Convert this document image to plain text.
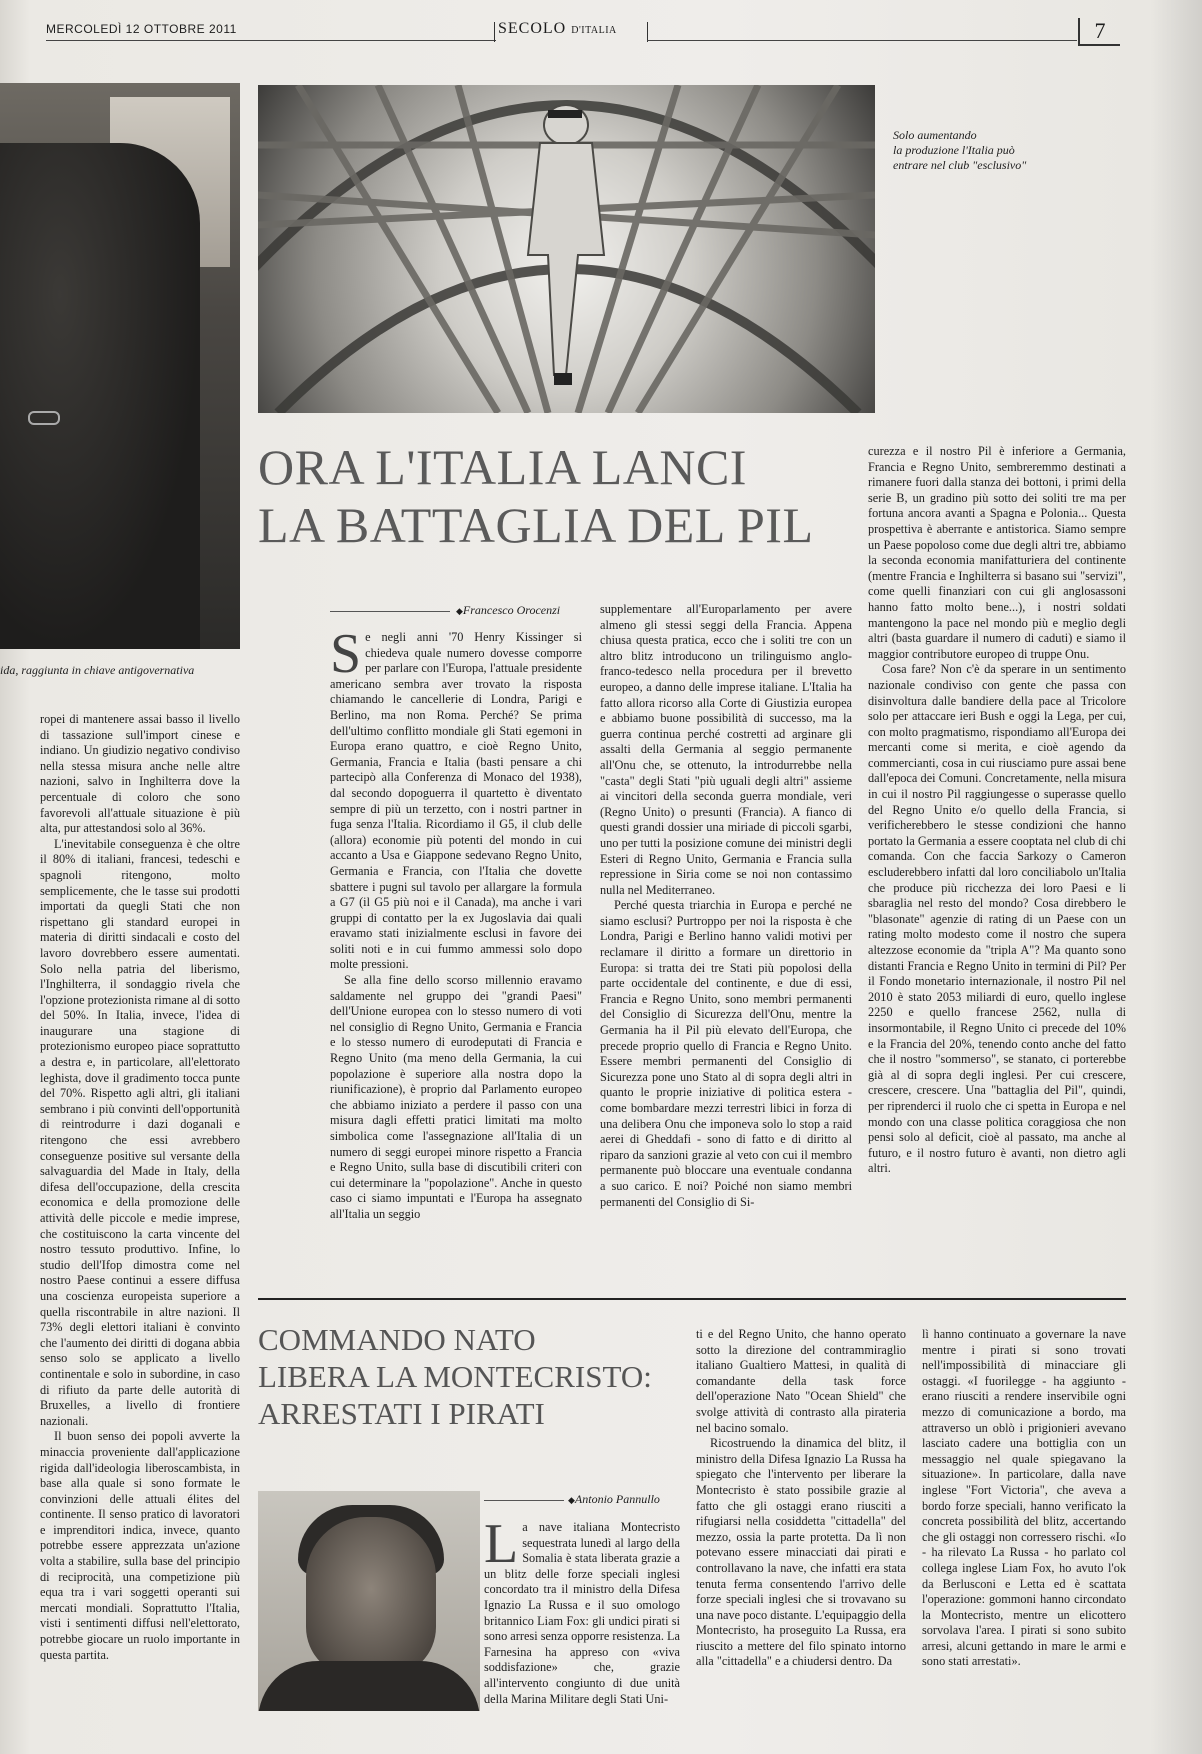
MERCOLEDÌ 12 OTTOBRE 2011	SECOLO D'ITALIA	7
ida, raggiunta in chiave antigovernativa

ropei di mantenere assai basso il livello di tassazione sull'import cinese e indiano. Un giudizio negativo condiviso nella stessa misura anche nelle altre nazioni, salvo in Inghilterra dove la percentuale di coloro che sono favorevoli all'attuale situazione è più alta, pur attestandosi solo al 36%.

L'inevitabile conseguenza è che oltre il 80% di italiani, francesi, tedeschi e spagnoli ritengono, molto semplicemente, che le tasse sui prodotti importati da quegli Stati che non rispettano gli standard europei in materia di diritti sindacali e costo del lavoro dovrebbero essere aumentati. Solo nella patria del liberismo, l'Inghilterra, il sondaggio rivela che l'opzione protezionista rimane al di sotto del 50%. In Italia, invece, l'idea di inaugurare una stagione di protezionismo europeo piace soprattutto a destra e, in particolare, all'elettorato leghista, dove il gradimento tocca punte del 70%. Rispetto agli altri, gli italiani sembrano i più convinti dell'opportunità di reintrodurre i dazi doganali e ritengono che essi avrebbero conseguenze positive sul versante della salvaguardia del Made in Italy, della difesa dell'occupazione, della crescita economica e della promozione delle attività delle piccole e medie imprese, che costituiscono la carta vincente del nostro tessuto produttivo. Infine, lo studio dell'Ifop dimostra come nel nostro Paese continui a essere diffusa una coscienza europeista superiore a quella riscontrabile in altre nazioni. Il 73% degli elettori italiani è convinto che l'aumento dei diritti di dogana abbia senso solo se applicato a livello continentale e solo in subordine, in caso di rifiuto da parte delle autorità di Bruxelles, a livello di frontiere nazionali.

Il buon senso dei popoli avverte la minaccia proveniente dall'applicazione rigida dall'ideologia liberoscambista, in base alla quale si sono formate le convinzioni delle attuali élites del continente. Il senso pratico di lavoratori e imprenditori indica, invece, quanto potrebbe essere apprezzata un'azione volta a stabilire, sulla base del principio di reciprocità, una competizione più equa tra i vari soggetti operanti sui mercati mondiali. Soprattutto l'Italia, visti i sentimenti diffusi nell'elettorato, potrebbe giocare un ruolo importante in questa partita.

Solo aumentando
la produzione l'Italia può
entrare nel club "esclusivo"
ORA L'ITALIA LANCI
LA BATTAGLIA DEL PIL
◆ Francesco Orocenzi
S e negli anni '70 Henry Kissinger si chiedeva quale numero dovesse comporre per parlare con l'Europa, l'attuale presidente americano sembra aver trovato la risposta chiamando le cancellerie di Londra, Parigi e Berlino, ma non Roma. Perché? Se prima dell'ultimo conflitto mondiale gli Stati egemoni in Europa erano quattro, e cioè Regno Unito, Germania, Francia e Italia (basti pensare a chi partecipò alla Conferenza di Monaco del 1938), dal secondo dopoguerra il quartetto è diventato sempre di più un terzetto, con i nostri partner in fuga senza l'Italia. Ricordiamo il G5, il club delle (allora) economie più potenti del mondo in cui accanto a Usa e Giappone sedevano Regno Unito, Germania e Francia, con l'Italia che dovette sbattere i pugni sul tavolo per allargare la formula a G7 (il G5 più noi e il Canada), ma anche i vari gruppi di contatto per la ex Jugoslavia dai quali eravamo stati inizialmente esclusi in favore dei soliti noti e in cui fummo ammessi solo dopo molte pressioni.

Se alla fine dello scorso millennio eravamo saldamente nel gruppo dei "grandi Paesi" dell'Unione europea con lo stesso numero di voti nel consiglio di Regno Unito, Germania e Francia e lo stesso numero di eurodeputati di Francia e Regno Unito (ma meno della Germania, la cui popolazione è superiore alla nostra dopo la riunificazione), è proprio dal Parlamento europeo che abbiamo iniziato a perdere il passo con una misura dagli effetti pratici limitati ma molto simbolica come l'assegnazione all'Italia di un numero di seggi europei minore rispetto a Francia e Regno Unito, sulla base di discutibili criteri con cui determinare la "popolazione". Anche in questo caso ci siamo impuntati e l'Europa ha assegnato all'Italia un seggio

supplementare all'Europarlamento per avere almeno gli stessi seggi della Francia. Appena chiusa questa pratica, ecco che i soliti tre con un altro blitz introducono un trilinguismo anglo-franco-tedesco nella procedura per il brevetto europeo, a danno delle imprese italiane. L'Italia ha fatto allora ricorso alla Corte di Giustizia europea e abbiamo buone possibilità di successo, ma la guerra continua perché costretti ad arginare gli assalti della Germania al seggio permanente all'Onu che, se ottenuto, la introdurrebbe nella "casta" degli Stati "più uguali degli altri" assieme ai vincitori della seconda guerra mondiale, veri (Regno Unito) o presunti (Francia). A fianco di questi grandi dossier una miriade di piccoli sgarbi, uno per tutti la posizione comune dei ministri degli Esteri di Regno Unito, Germania e Francia sulla repressione in Siria come se noi non contassimo nulla nel Mediterraneo.

Perché questa triarchia in Europa e perché ne siamo esclusi? Purtroppo per noi la risposta è che Londra, Parigi e Berlino hanno validi motivi per reclamare il diritto a formare un direttorio in Europa: si tratta dei tre Stati più popolosi della parte occidentale del continente, e due di essi, Francia e Regno Unito, sono membri permanenti del Consiglio di Sicurezza dell'Onu, mentre la Germania ha il Pil più elevato dell'Europa, che precede proprio quello di Francia e Regno Unito. Essere membri permanenti del Consiglio di Sicurezza pone uno Stato al di sopra degli altri in quanto le proprie iniziative di politica estera - come bombardare mezzi terrestri libici in forza di una delibera Onu che imponeva solo lo stop a raid aerei di Gheddafi - sono di fatto e di diritto al riparo da sanzioni grazie al veto con cui il membro permanente può bloccare una eventuale condanna a suo carico. E noi? Poiché non siamo membri permanenti del Consiglio di Si-

curezza e il nostro Pil è inferiore a Germania, Francia e Regno Unito, sembreremmo destinati a rimanere fuori dalla stanza dei bottoni, i primi della serie B, un gradino più sotto dei soliti tre ma per fortuna ancora avanti a Spagna e Polonia... Questa prospettiva è aberrante e antistorica. Siamo sempre un Paese popoloso come due degli altri tre, abbiamo la seconda economia manifatturiera del continente (mentre Francia e Inghilterra si basano sui "servizi", come quelli finanziari con cui gli anglosassoni hanno fatto molto bene...), i nostri soldati mantengono la pace nel mondo più e meglio degli altri (basta guardare il numero di caduti) e siamo il maggior contributore europeo di truppe Onu.

Cosa fare? Non c'è da sperare in un sentimento nazionale condiviso con gente che passa con disinvoltura dalle bandiere della pace al Tricolore solo per attaccare ieri Bush e oggi la Lega, per cui, con molto pragmatismo, rispondiamo all'Europa dei mercanti come si merita, e cioè agendo da commercianti, cosa in cui riusciamo pure assai bene dall'epoca dei Comuni. Concretamente, nella misura in cui il nostro Pil raggiungesse o superasse quello del Regno Unito e/o quello della Francia, si verificherebbero le stesse condizioni che hanno portato la Germania a essere cooptata nel club di chi comanda. Con che faccia Sarkozy o Cameron escluderebbero infatti dal loro conciliabolo un'Italia che produce più ricchezza dei loro Paesi e li sbaraglia nel resto del mondo? Cosa direbbero le "blasonate" agenzie di rating di un Paese con un rating molto modesto come il nostro che supera altezzose economie da "tripla A"? Ma quanto sono distanti Francia e Regno Unito in termini di Pil? Per il Fondo monetario internazionale, il nostro Pil nel 2010 è stato 2053 miliardi di euro, quello inglese 2250 e quello francese 2562, nulla di insormontabile, il Regno Unito ci precede del 10% e la Francia del 20%, tenendo conto anche del fatto che il nostro "sommerso", se stanato, ci porterebbe già al di sopra degli inglesi. Per cui crescere, crescere, crescere. Una "battaglia del Pil", quindi, per riprenderci il ruolo che ci spetta in Europa e nel mondo con una classe politica coraggiosa che non pensi solo al deficit, cioè al passato, ma anche al futuro, e il nostro futuro è avanti, non dietro agli altri.

COMMANDO NATO
LIBERA LA MONTECRISTO:
ARRESTATI I PIRATI
◆ Antonio Pannullo
L a nave italiana Montecristo sequestrata lunedì al largo della Somalia è stata liberata grazie a un blitz delle forze speciali inglesi concordato tra il ministro della Difesa Ignazio La Russa e il suo omologo britannico Liam Fox: gli undici pirati si sono arresi senza opporre resistenza. La Farnesina ha appreso con «viva soddisfazione» che, grazie all'intervento congiunto di due unità della Marina Militare degli Stati Uni-

ti e del Regno Unito, che hanno operato sotto la direzione del contrammiraglio italiano Gualtiero Mattesi, in qualità di comandante della task force dell'operazione Nato "Ocean Shield" che svolge attività di contrasto alla pirateria nel bacino somalo.

Ricostruendo la dinamica del blitz, il ministro della Difesa Ignazio La Russa ha spiegato che l'intervento per liberare la Montecristo è stato possibile grazie al fatto che gli ostaggi erano riusciti a rifugiarsi nella cosiddetta "cittadella" del mezzo, ossia la parte protetta. Da lì non potevano essere minacciati dai pirati e controllavano la nave, che infatti era stata tenuta ferma consentendo l'arrivo delle forze speciali inglesi che si trovavano su una nave poco distante. L'equipaggio della Montecristo, ha proseguito La Russa, era riuscito a mettere del filo spinato intorno alla "cittadella" e a chiudersi dentro. Da

lì hanno continuato a governare la nave mentre i pirati si sono trovati nell'impossibilità di minacciare gli ostaggi. «I fuorilegge - ha aggiunto - erano riusciti a rendere inservibile ogni mezzo di comunicazione a bordo, ma attraverso un oblò i prigionieri avevano lasciato cadere una bottiglia con un messaggio nel quale spiegavano la situazione». In particolare, dalla nave inglese "Fort Victoria", che aveva a bordo forze speciali, hanno verificato la concreta possibilità del blitz, accertando che gli ostaggi non corressero rischi. «Io - ha rilevato La Russa - ho parlato col collega inglese Liam Fox, ho avuto l'ok da Berlusconi e Letta ed è scattata l'operazione: gommoni hanno circondato la Montecristo, mentre un elicottero sorvolava l'area. I pirati si sono subito arresi, alcuni gettando in mare le armi e sono stati arrestati».
